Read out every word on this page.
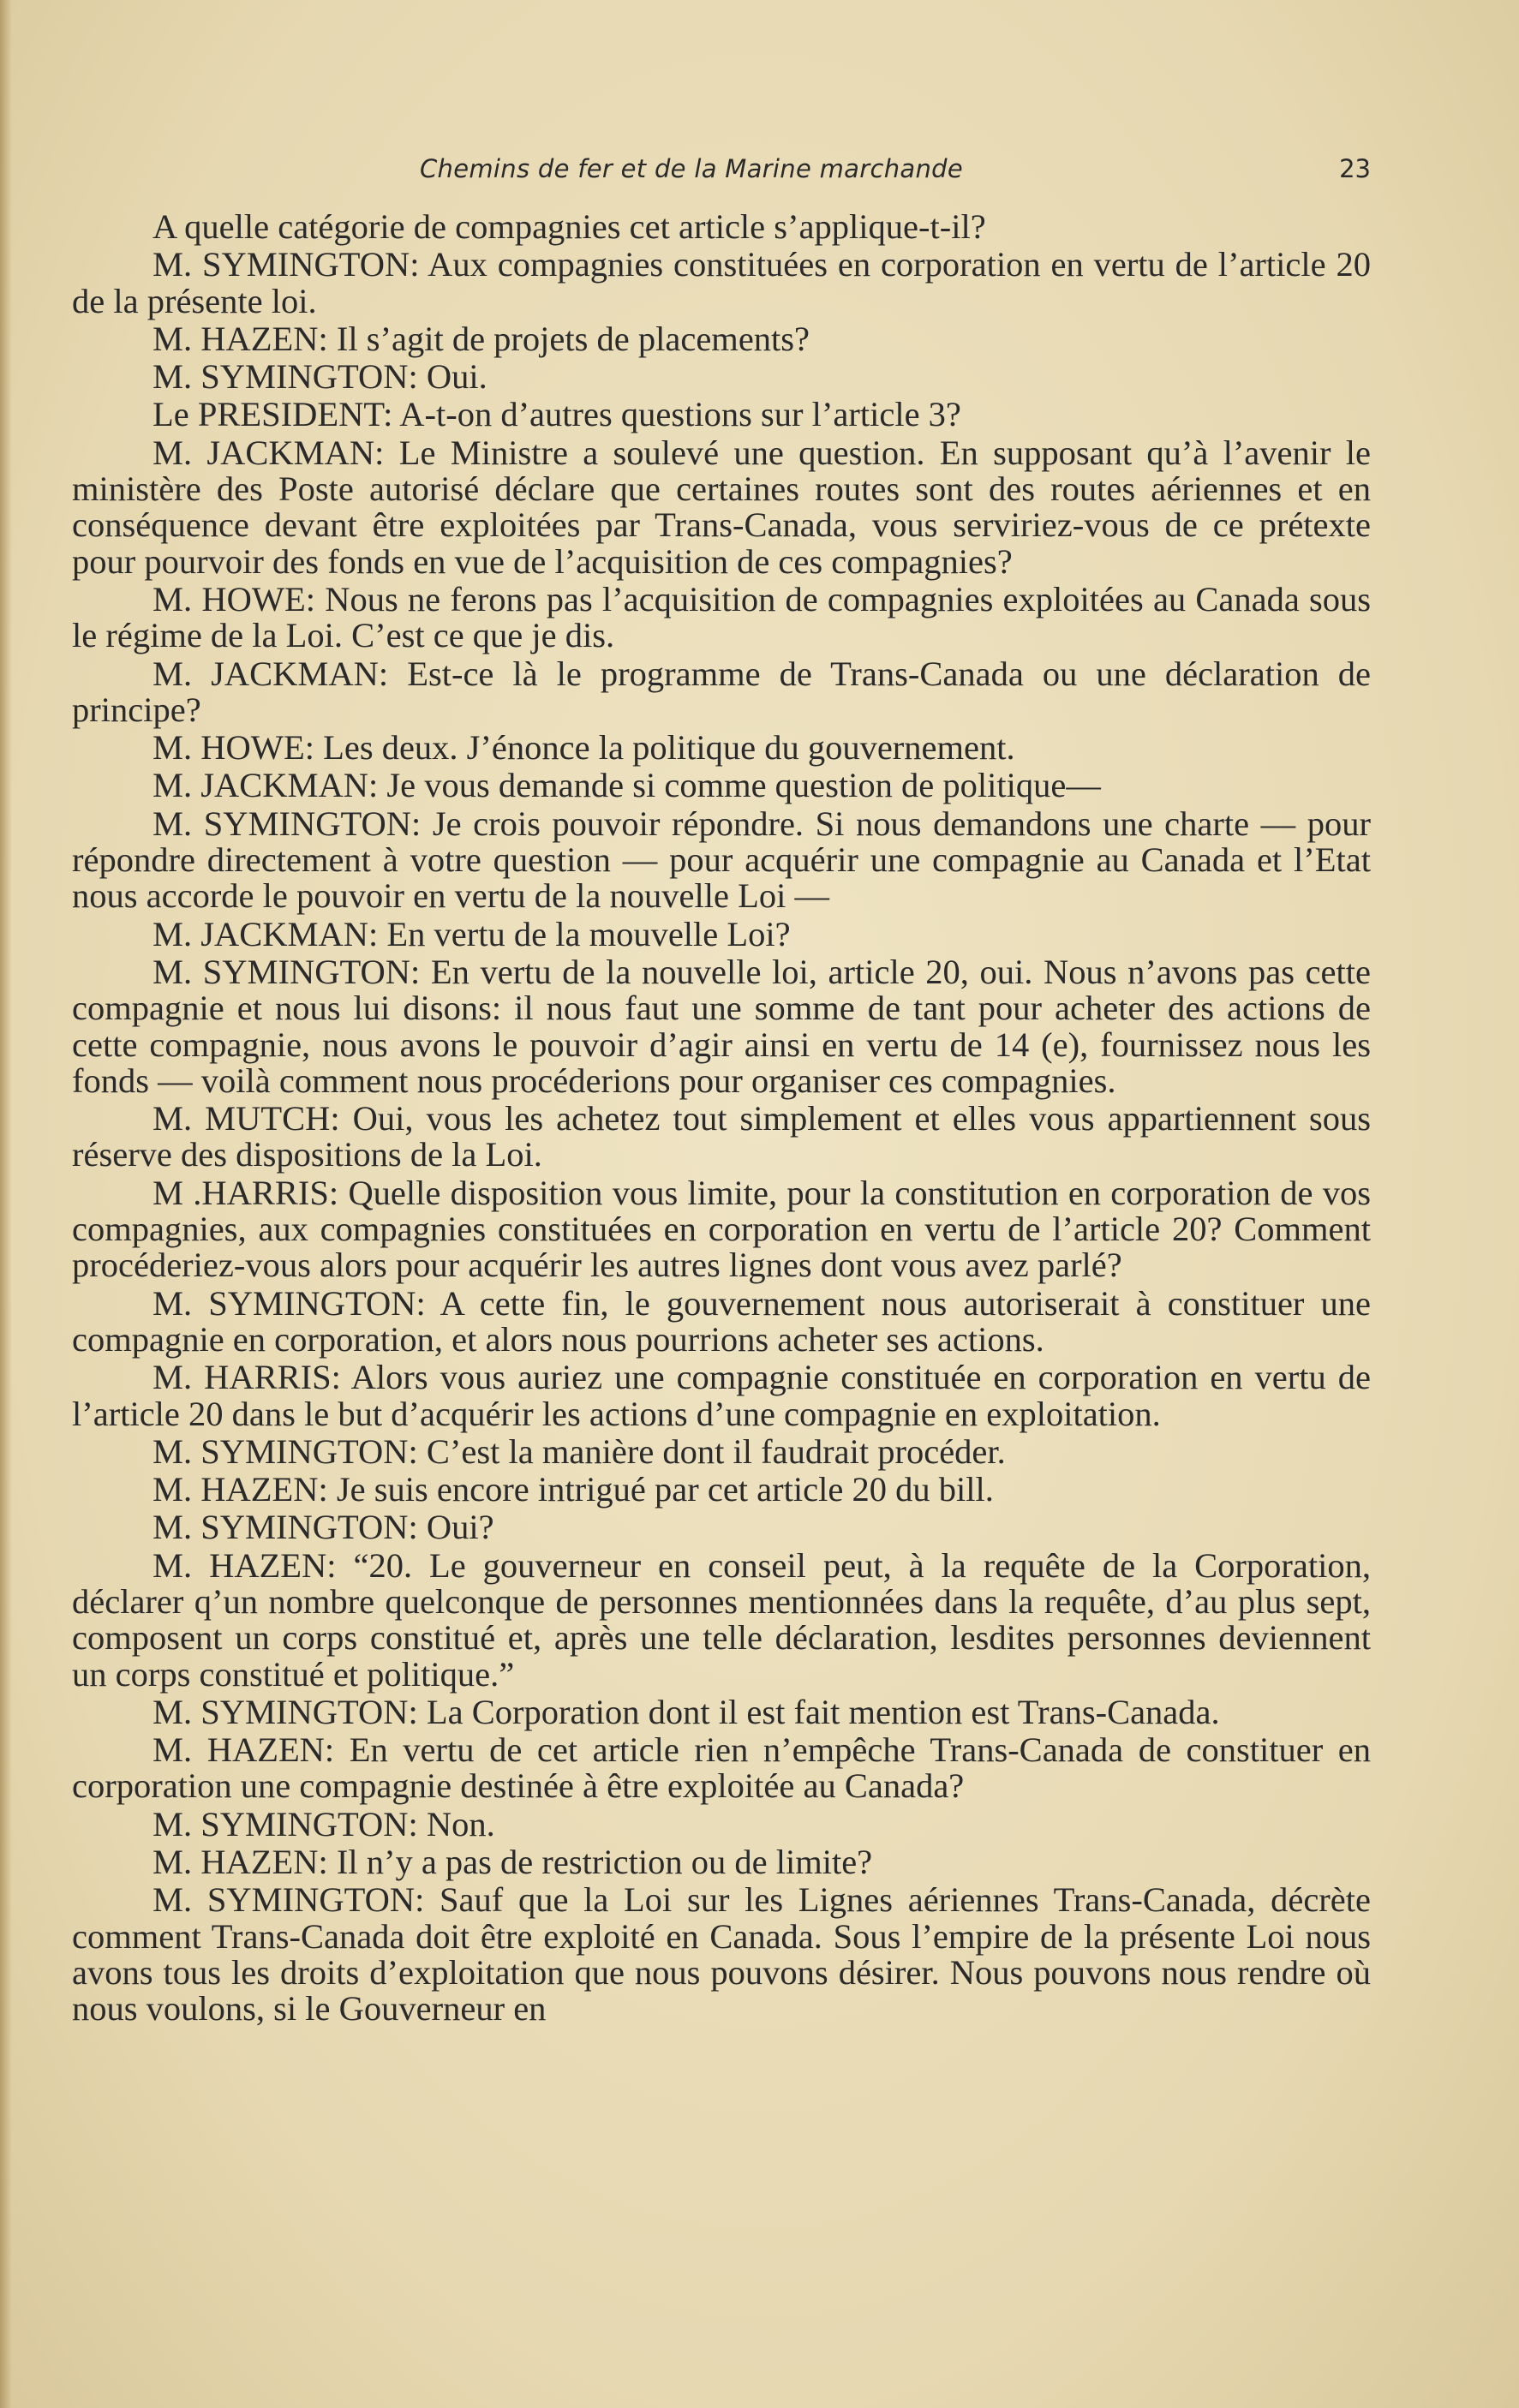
Chemins de fer et de la Marine marchande	23

A quelle catégorie de compagnies cet article s’applique-t-il?

M. SYMINGTON: Aux compagnies constituées en corporation en vertu de l’article 20 de la présente loi.

M. HAZEN: Il s’agit de projets de placements?

M. SYMINGTON: Oui.

Le PRESIDENT: A-t-on d’autres questions sur l’article 3?

M. JACKMAN: Le Ministre a soulevé une question. En supposant qu’à l’avenir le ministère des Poste autorisé déclare que certaines routes sont des routes aériennes et en conséquence devant être exploitées par Trans-Canada, vous serviriez-vous de ce prétexte pour pourvoir des fonds en vue de l’acquisition de ces compagnies?

M. HOWE: Nous ne ferons pas l’acquisition de compagnies exploitées au Canada sous le régime de la Loi. C’est ce que je dis.

M. JACKMAN: Est-ce là le programme de Trans-Canada ou une déclaration de principe?

M. HOWE: Les deux. J’énonce la politique du gouvernement.

M. JACKMAN: Je vous demande si comme question de politique—

M. SYMINGTON: Je crois pouvoir répondre. Si nous demandons une charte — pour répondre directement à votre question — pour acquérir une compagnie au Canada et l’Etat nous accorde le pouvoir en vertu de la nouvelle Loi —

M. JACKMAN: En vertu de la mouvelle Loi?

M. SYMINGTON: En vertu de la nouvelle loi, article 20, oui. Nous n’avons pas cette compagnie et nous lui disons: il nous faut une somme de tant pour acheter des actions de cette compagnie, nous avons le pouvoir d’agir ainsi en vertu de 14 (e), fournissez nous les fonds — voilà comment nous procéderions pour organiser ces compagnies.

M. MUTCH: Oui, vous les achetez tout simplement et elles vous appartiennent sous réserve des dispositions de la Loi.

M .HARRIS: Quelle disposition vous limite, pour la constitution en corporation de vos compagnies, aux compagnies constituées en corporation en vertu de l’article 20? Comment procéderiez-vous alors pour acquérir les autres lignes dont vous avez parlé?

M. SYMINGTON: A cette fin, le gouvernement nous autoriserait à constituer une compagnie en corporation, et alors nous pourrions acheter ses actions.

M. HARRIS: Alors vous auriez une compagnie constituée en corporation en vertu de l’article 20 dans le but d’acquérir les actions d’une compagnie en exploitation.

M. SYMINGTON: C’est la manière dont il faudrait procéder.

M. HAZEN: Je suis encore intrigué par cet article 20 du bill.

M. SYMINGTON: Oui?

M. HAZEN: “20. Le gouverneur en conseil peut, à la requête de la Corporation, déclarer q’un nombre quelconque de personnes mentionnées dans la requête, d’au plus sept, composent un corps constitué et, après une telle déclaration, lesdites personnes deviennent un corps constitué et politique.”

M. SYMINGTON: La Corporation dont il est fait mention est Trans-Canada.

M. HAZEN: En vertu de cet article rien n’empêche Trans-Canada de constituer en corporation une compagnie destinée à être exploitée au Canada?

M. SYMINGTON: Non.

M. HAZEN: Il n’y a pas de restriction ou de limite?

M. SYMINGTON: Sauf que la Loi sur les Lignes aériennes Trans-Canada, décrète comment Trans-Canada doit être exploité en Canada. Sous l’empire de la présente Loi nous avons tous les droits d’exploitation que nous pouvons désirer. Nous pouvons nous rendre où nous voulons, si le Gouverneur en
